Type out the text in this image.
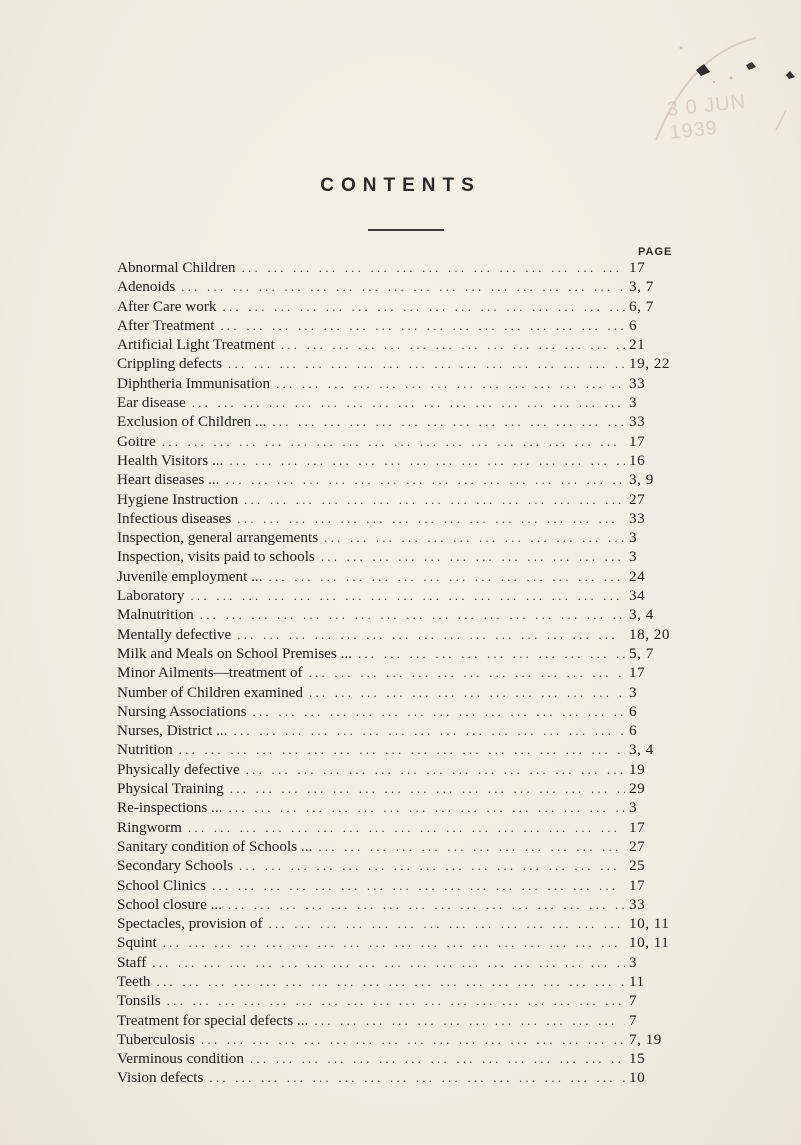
3 0 JUN 1939
CONTENTS
PAGE
Abnormal Children ... .	17
Adenoids ... .	3, 7
After Care work ... .	6, 7
After Treatment ... .	6
Artificial Light Treatment ... .	21
Crippling defects ... .	19, 22
Diphtheria Immunisation ... .	33
Ear disease ... .	3
Exclusion of Children ... ... .	33
Goitre ... .	17
Health Visitors ... ... .	16
Heart diseases ... ... .	3, 9
Hygiene Instruction ... .	27
Infectious diseases ... .	33
Inspection, general arrangements ... .	3
Inspection, visits paid to schools ... .	3
Juvenile employment ... ... .	24
Laboratory ... .	34
Malnutrition ... .	3, 4
Mentally defective ... .	18, 20
Milk and Meals on School Premises ... ... .	5, 7
Minor Ailments—treatment of ... .	17
Number of Children examined ... .	3
Nursing Associations ... .	6
Nurses, District ... ... .	6
Nutrition ... .	3, 4
Physically defective ... .	19
Physical Training ... .	29
Re-inspections ... ... .	3
Ringworm ... .	17
Sanitary condition of Schools ... ... .	27
Secondary Schools ... .	25
School Clinics ... .	17
School closure ... ... .	33
Spectacles, provision of ... .	10, 11
Squint ... .	10, 11
Staff ... .	3
Teeth ... .	11
Tonsils ... .	7
Treatment for special defects ... ... .	7
Tuberculosis ... .	7, 19
Verminous condition ... .	15
Vision defects ... .	10
